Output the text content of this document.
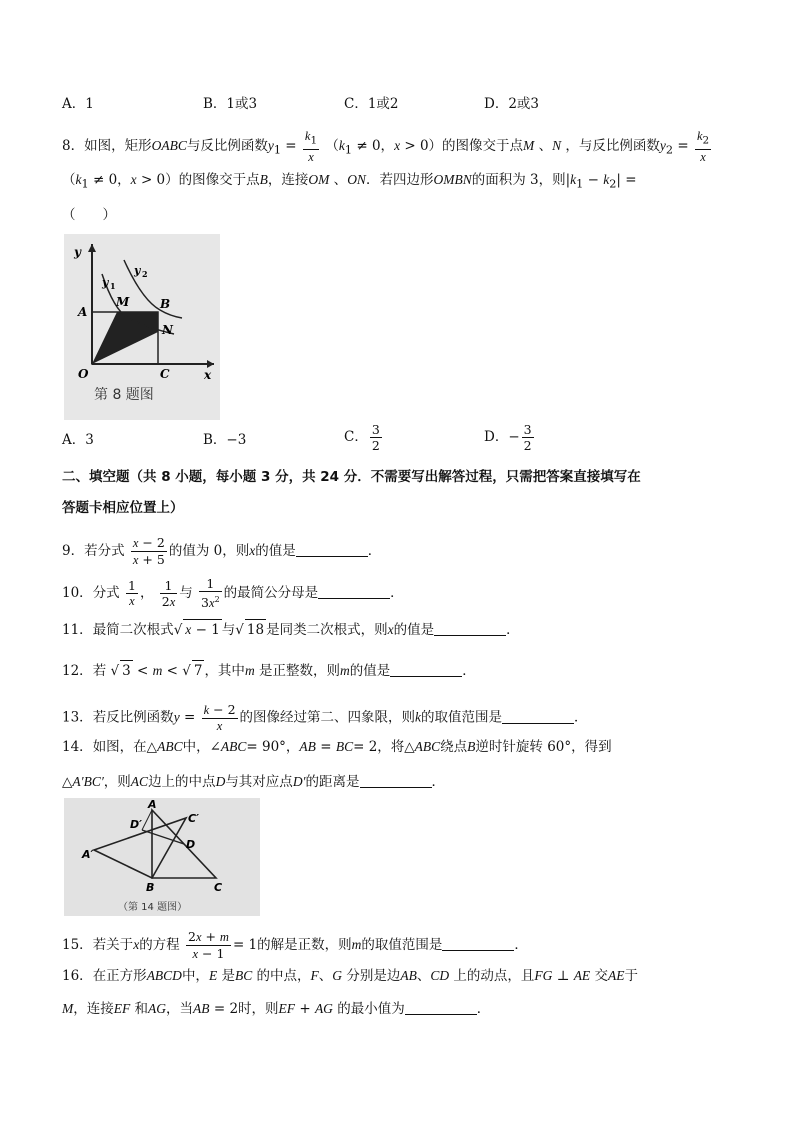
A．1	B．1或3	C．1或2	D．2或3
8．如图，矩形OABC与反比例函数$y_1 = \frac{k_1}{x} (k_1 \ne 0$，x > 0）的图像交于点M 、N ，与反比例函数$y_2 = \frac{k_2}{x}$
（$k_1 \ne 0$，x > 0）的图像交于点B，连接OM 、ON．若四边形OMBN的面积为 3，则$|k_1 - k_2|$ =
（　　）
y
x
O
A
M	B
N
C
y 1
y 2
第 8 题图
A．3	B．−3	C． $\frac{3}{2}$	D．− $\frac{3}{2}$
二、填空题（共 8 小题，每小题 3 分，共 24 分．不需要写出解答过程，只需把答案直接填写在
答题卡相应位置上）
9．若分式 $\frac{x - 2}{x + 5}$ 的值为 0，则x的值是	．
10．分式 $\frac{1}{x}$ ， $\frac{1}{2x}$ 与 $\frac{1}{3x^2}$ 的最简公分母是	．
11．最简二次根式√ x − 1 与√ 18 是同类二次根式，则x的值是	．
12．若 √ 3 < m < √ 7 ，其中m 是正整数，则m的值是	．
13．若反比例函数$y = \frac{k - 2}{x}$ 的图像经过第二、四象限，则k的取值范围是	．
14．如图，在△ABC中，∠ABC= 90°，AB = BC= 2，将△ABC绕点B逆时针旋转 60°，得到
△A′BC′，则AC边上的中点D与其对应点D′的距离是	．
A
C′
D′
D
A′
B	C
（第 14 题图）
15．若关于x的方程 $\frac{2x + m}{x - 1} = 1$的解是正数，则m的取值范围是	．
16．在正方形ABCD中，E 是BC 的中点，F、G 分别是边AB、CD 上的动点，且FG ⊥ AE 交AE于
M，连接EF 和AG，当AB = 2时，则EF + AG 的最小值为	．
